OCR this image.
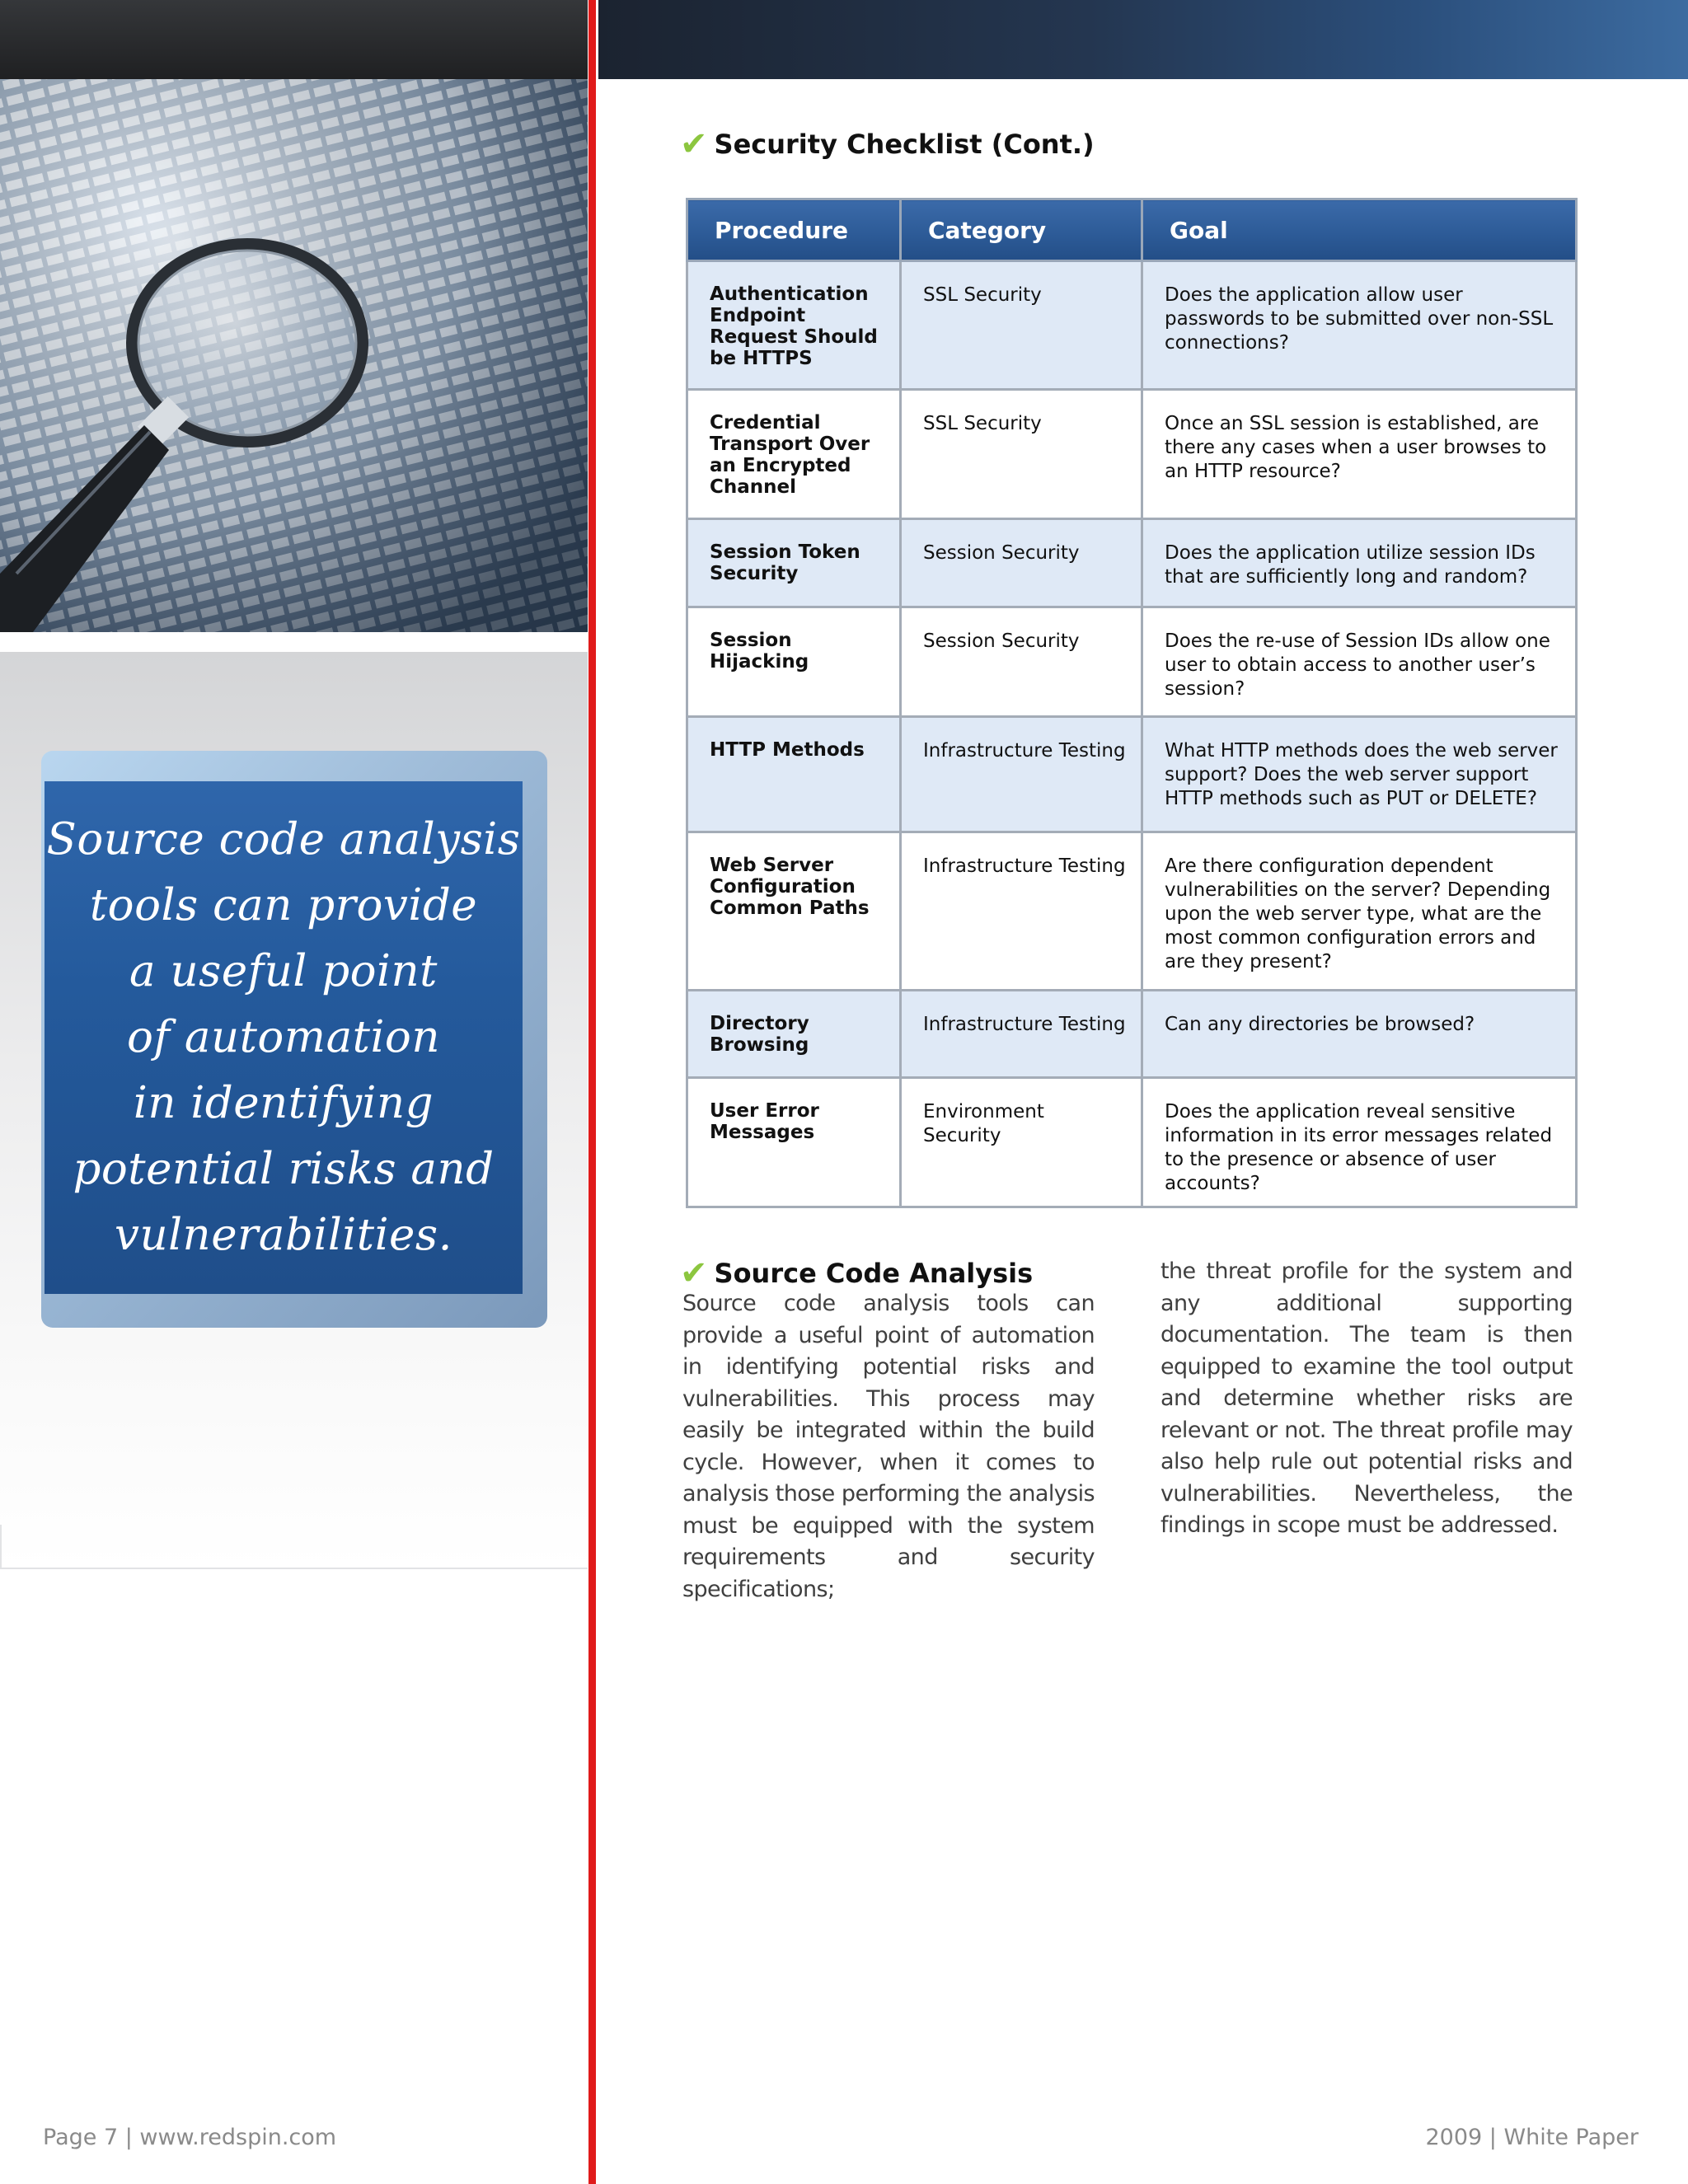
Source code analysis
tools can provide
a useful point
of automation
in identifying
potential risks and
vulnerabilities.
✔ Security Checklist (Cont.)
Procedure	Category	Goal
Authentication Endpoint Request Should be HTTPS	SSL Security	Does the application allow user passwords to be submitted over non-SSL connections?
Credential Transport Over an Encrypted Channel	SSL Security	Once an SSL session is established, are there any cases when a user browses to an HTTP resource?
Session Token Security	Session Security	Does the application utilize session IDs that are sufficiently long and random?
Session Hijacking	Session Security	Does the re-use of Session IDs allow one user to obtain access to another user’s session?
HTTP Methods	Infrastructure Testing	What HTTP methods does the web server support? Does the web server support HTTP methods such as PUT or DELETE?
Web Server Configuration Common Paths	Infrastructure Testing	Are there configuration dependent vulnerabilities on the server? Depending upon the web server type, what are the most common configuration errors and are they present?
Directory Browsing	Infrastructure Testing	Can any directories be browsed?
User Error Messages	Environment Security	Does the application reveal sensitive information in its error messages related to the presence or absence of user accounts?
✔ Source Code Analysis
Source code analysis tools can provide a useful point of automation in identifying potential risks and vulnerabilities. This process may easily be integrated within the build cycle. However, when it comes to analysis those performing the analysis must be equipped with the system requirements and security specifications;
the threat profile for the system and any additional supporting documentation. The team is then equipped to examine the tool output and determine whether risks are relevant or not. The threat profile may also help rule out potential risks and vulnerabilities. Nevertheless, the findings in scope must be addressed.
Page 7 | www.redspin.com	2009 | White Paper
